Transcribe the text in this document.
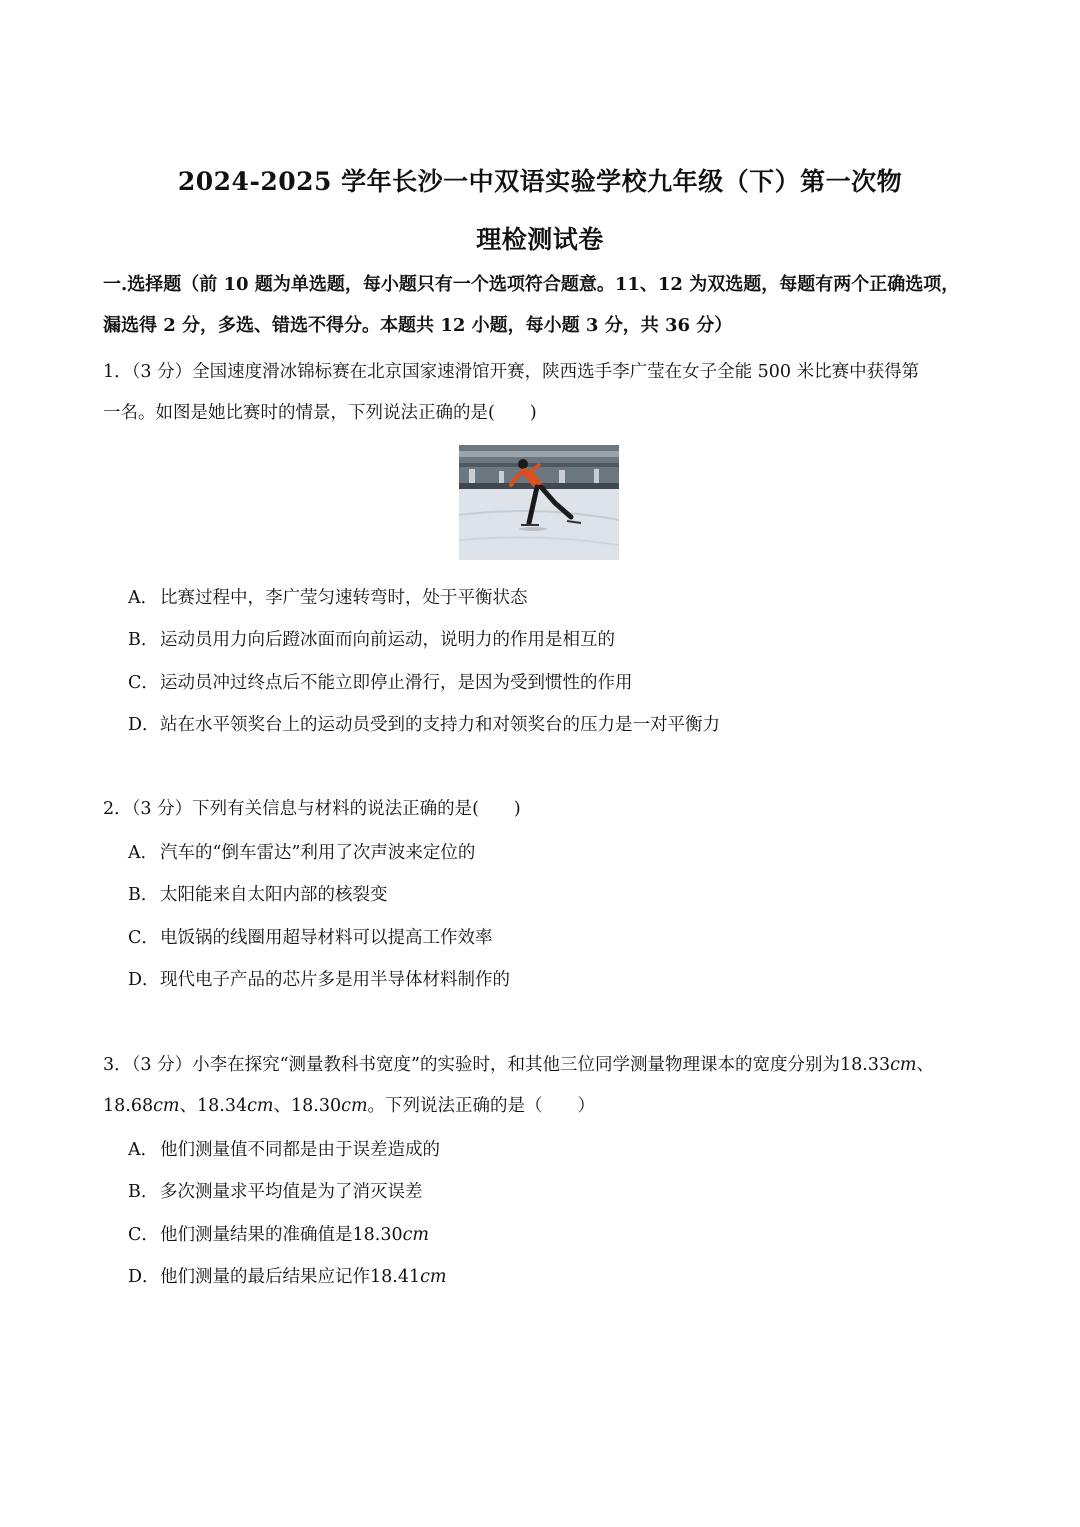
2024-2025 学年长沙一中双语实验学校九年级（下）第一次物
理检测试卷
一.选择题（前 10 题为单选题，每小题只有一个选项符合题意。11、12 为双选题，每题有两个正确选项，
漏选得 2 分，多选、错选不得分。本题共 12 小题，每小题 3 分，共 36 分）
1．（3 分）全国速度滑冰锦标赛在北京国家速滑馆开赛，陕西选手李广莹在女子全能 500 米比赛中获得第
一名。如图是她比赛时的情景，下列说法正确的是(　　)
A． 比赛过程中，李广莹匀速转弯时，处于平衡状态
B．运动员用力向后蹬冰面而向前运动，说明力的作用是相互的
C．运动员冲过终点后不能立即停止滑行，是因为受到惯性的作用
D．站在水平领奖台上的运动员受到的支持力和对领奖台的压力是一对平衡力
2．（3 分）下列有关信息与材料的说法正确的是(　　)
A． 汽车的“倒车雷达”利用了次声波来定位的
B．太阳能来自太阳内部的核裂变
C．电饭锅的线圈用超导材料可以提高工作效率
D．现代电子产品的芯片多是用半导体材料制作的
3．（3 分）小李在探究“测量教科书宽度”的实验时，和其他三位同学测量物理课本的宽度分别为18.33cm、
18.68cm、18.34cm、18.30cm。下列说法正确的是（　　）
A． 他们测量值不同都是由于误差造成的
B．多次测量求平均值是为了消灭误差
C．他们测量结果的准确值是18.30cm
D．他们测量的最后结果应记作18.41cm
